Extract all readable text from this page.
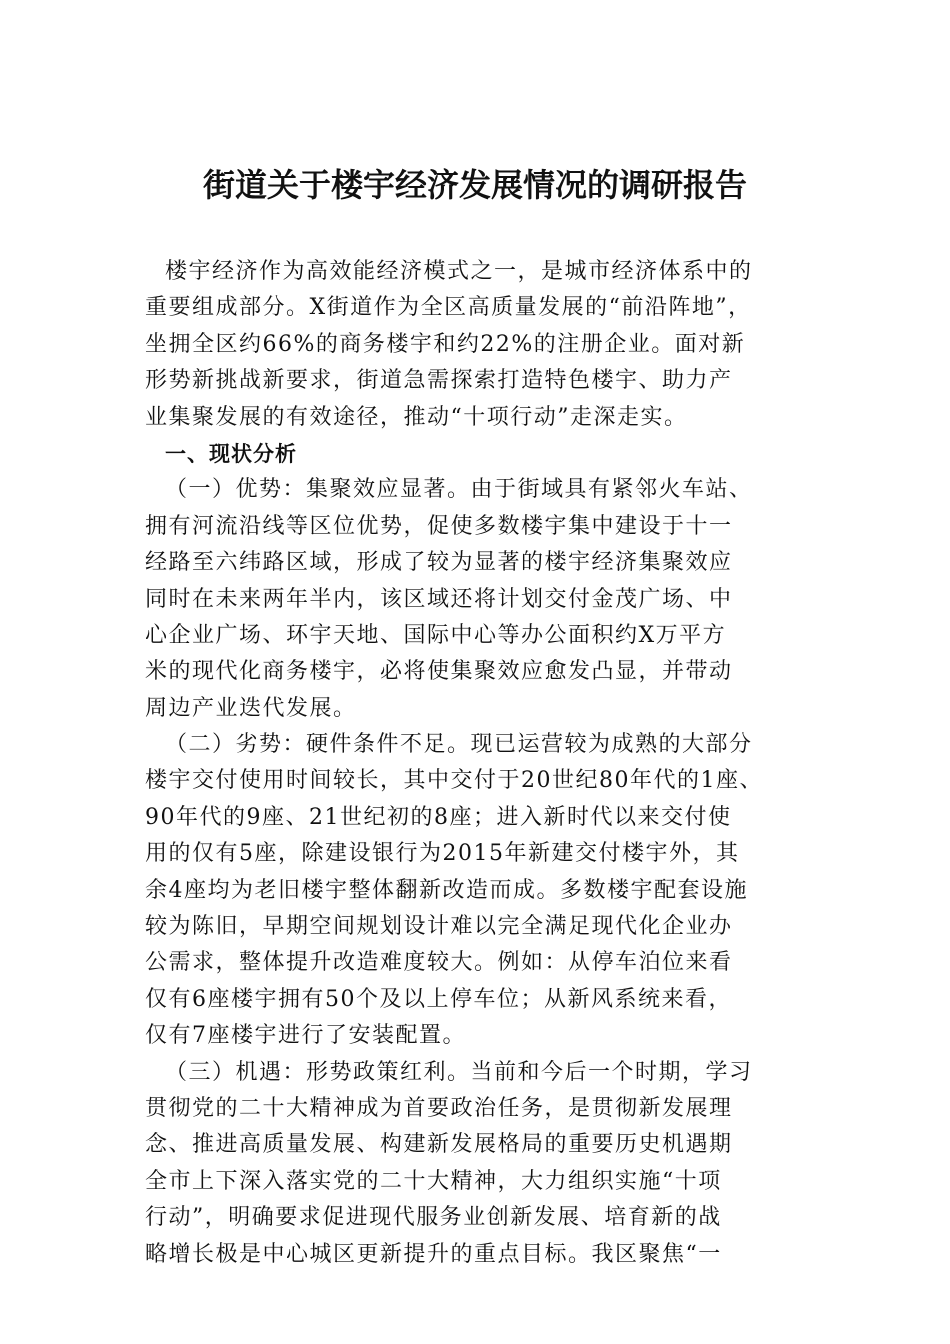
街道关于楼宇经济发展情况的调研报告
楼宇经济作为高效能经济模式之一，是城市经济体系中的
重要组成部分。X街道作为全区高质量发展的“前沿阵地”，
坐拥全区约66%的商务楼宇和约22%的注册企业。面对新
形势新挑战新要求，街道急需探索打造特色楼宇、助力产
业集聚发展的有效途径，推动“十项行动”走深走实。
一、现状分析
（一）优势：集聚效应显著。由于街域具有紧邻火车站、
拥有河流沿线等区位优势，促使多数楼宇集中建设于十一
经路至六纬路区域，形成了较为显著的楼宇经济集聚效应
同时在未来两年半内，该区域还将计划交付金茂广场、中
心企业广场、环宇天地、国际中心等办公面积约X万平方
米的现代化商务楼宇，必将使集聚效应愈发凸显，并带动
周边产业迭代发展。
（二）劣势：硬件条件不足。现已运营较为成熟的大部分
楼宇交付使用时间较长，其中交付于20世纪80年代的1座、
90年代的9座、21世纪初的8座；进入新时代以来交付使
用的仅有5座，除建设银行为2015年新建交付楼宇外，其
余4座均为老旧楼宇整体翻新改造而成。多数楼宇配套设施
较为陈旧，早期空间规划设计难以完全满足现代化企业办
公需求，整体提升改造难度较大。例如：从停车泊位来看
仅有6座楼宇拥有50个及以上停车位；从新风系统来看，
仅有7座楼宇进行了安装配置。
（三）机遇：形势政策红利。当前和今后一个时期，学习
贯彻党的二十大精神成为首要政治任务，是贯彻新发展理
念、推进高质量发展、构建新发展格局的重要历史机遇期
全市上下深入落实党的二十大精神，大力组织实施“十项
行动”，明确要求促进现代服务业创新发展、培育新的战
略增长极是中心城区更新提升的重点目标。我区聚焦“一
